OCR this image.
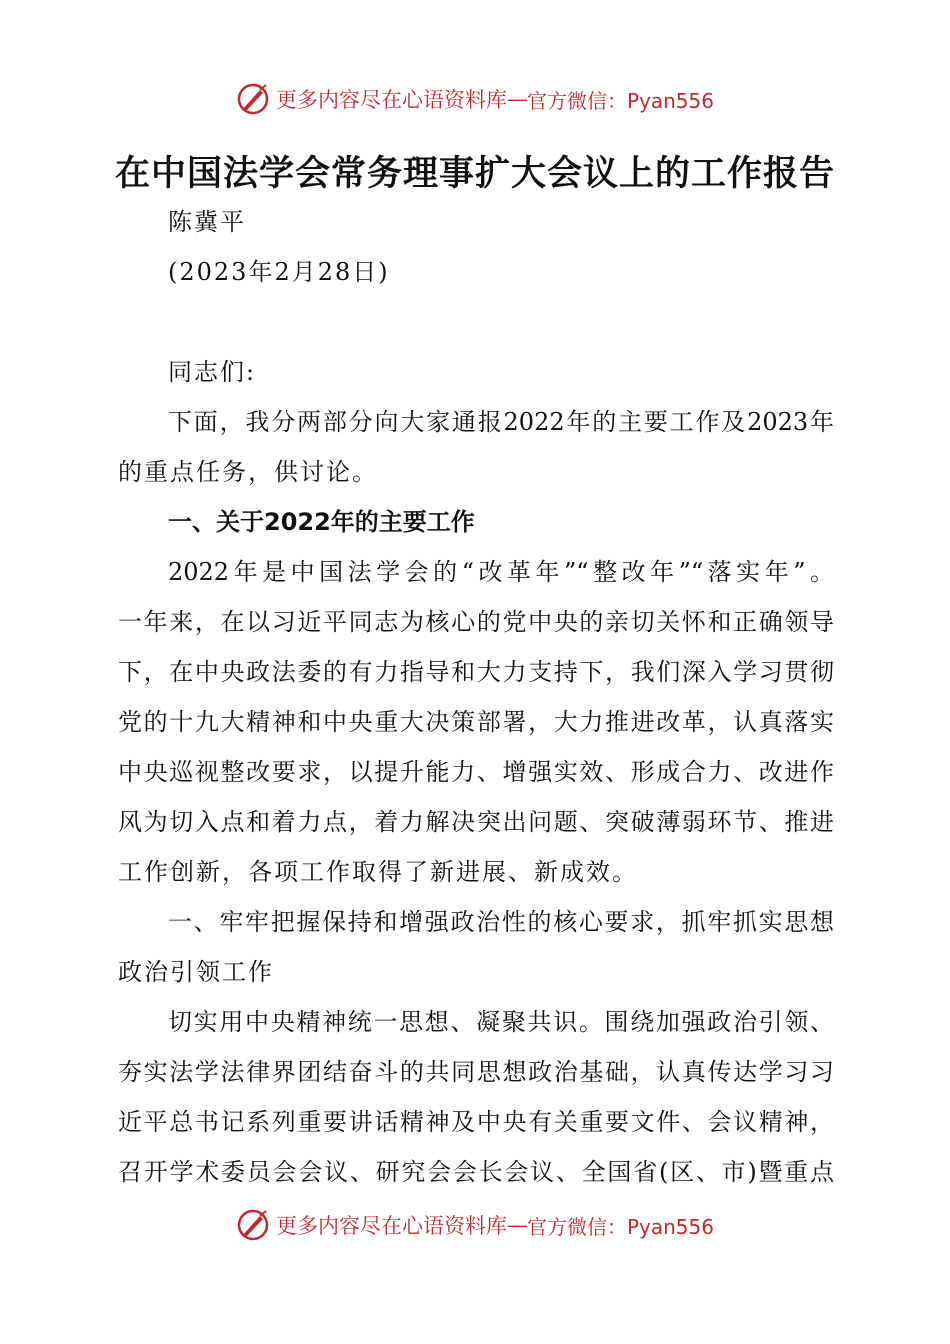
更多内容尽在心语资料库 — 官方微信：Pyan556
在中国法学会常务理事扩大会议上的工作报告
陈冀平
(2023年2月28日)
同志们:
下面，我分两部分向大家通报2022年的主要工作及2023年
的重点任务，供讨论。
一、关于2022年的主要工作
2022年是中国法学会的“改革年”“整改年”“落实年”。
一年来，在以习近平同志为核心的党中央的亲切关怀和正确领导
下，在中央政法委的有力指导和大力支持下，我们深入学习贯彻
党的十九大精神和中央重大决策部署，大力推进改革，认真落实
中央巡视整改要求，以提升能力、增强实效、形成合力、改进作
风为切入点和着力点，着力解决突出问题、突破薄弱环节、推进
工作创新，各项工作取得了新进展、新成效。
一、牢牢把握保持和增强政治性的核心要求，抓牢抓实思想
政治引领工作
切实用中央精神统一思想、凝聚共识。围绕加强政治引领、
夯实法学法律界团结奋斗的共同思想政治基础，认真传达学习习
近平总书记系列重要讲话精神及中央有关重要文件、会议精神，
召开学术委员会会议、研究会会长会议、全国省(区、市)暨重点
更多内容尽在心语资料库 — 官方微信：Pyan556
